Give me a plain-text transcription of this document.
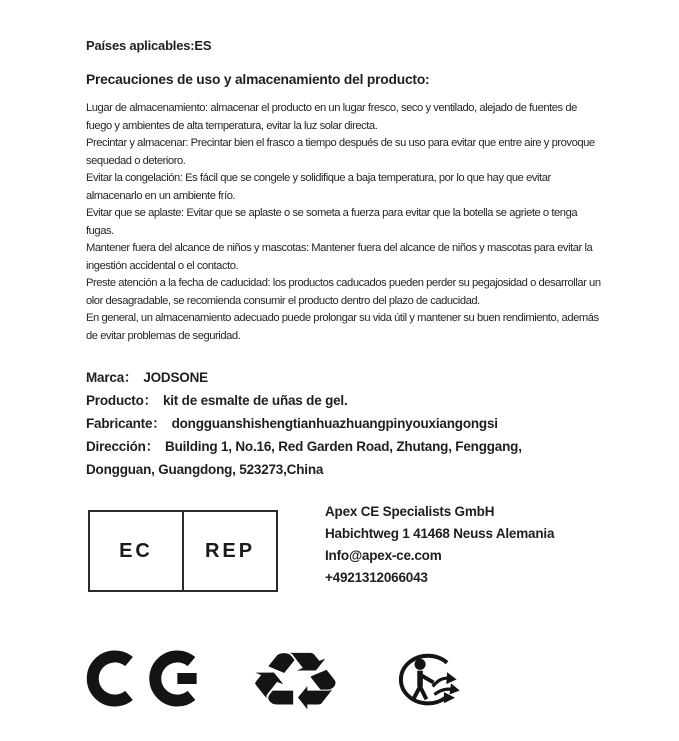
Países aplicables:ES
Precauciones de uso y almacenamiento del producto:

Lugar de almacenamiento: almacenar el producto en un lugar fresco, seco y ventilado, alejado de fuentes de fuego y ambientes de alta temperatura, evitar la luz solar directa.

Precintar y almacenar: Precintar bien el frasco a tiempo después de su uso para evitar que entre aire y provoque sequedad o deterioro.

Evitar la congelación: Es fácil que se congele y solidifique a baja temperatura, por lo que hay que evitar almacenarlo en un ambiente frío.

Evitar que se aplaste: Evitar que se aplaste o se someta a fuerza para evitar que la botella se agriete o tenga fugas.

Mantener fuera del alcance de niños y mascotas: Mantener fuera del alcance de niños y mascotas para evitar la ingestión accidental o el contacto.

Preste atención a la fecha de caducidad: los productos caducados pueden perder su pegajosidad o desarrollar un olor desagradable, se recomienda consumir el producto dentro del plazo de caducidad.

En general, un almacenamiento adecuado puede prolongar su vida útil y mantener su buen rendimiento, además de evitar problemas de seguridad.

Marca： JODSONE

Producto： kit de esmalte de uñas de gel.

Fabricante： dongguanshishengtianhuazhuangpinyouxiangongsi

Dirección： Building 1, No.16, Red Garden Road, Zhutang, Fenggang, Dongguan, Guangdong, 523273,China

EC	REP
Apex CE Specialists GmbH
Habichtweg 1 41468 Neuss Alemania
Info@apex-ce.com
+4921312066043
♻
